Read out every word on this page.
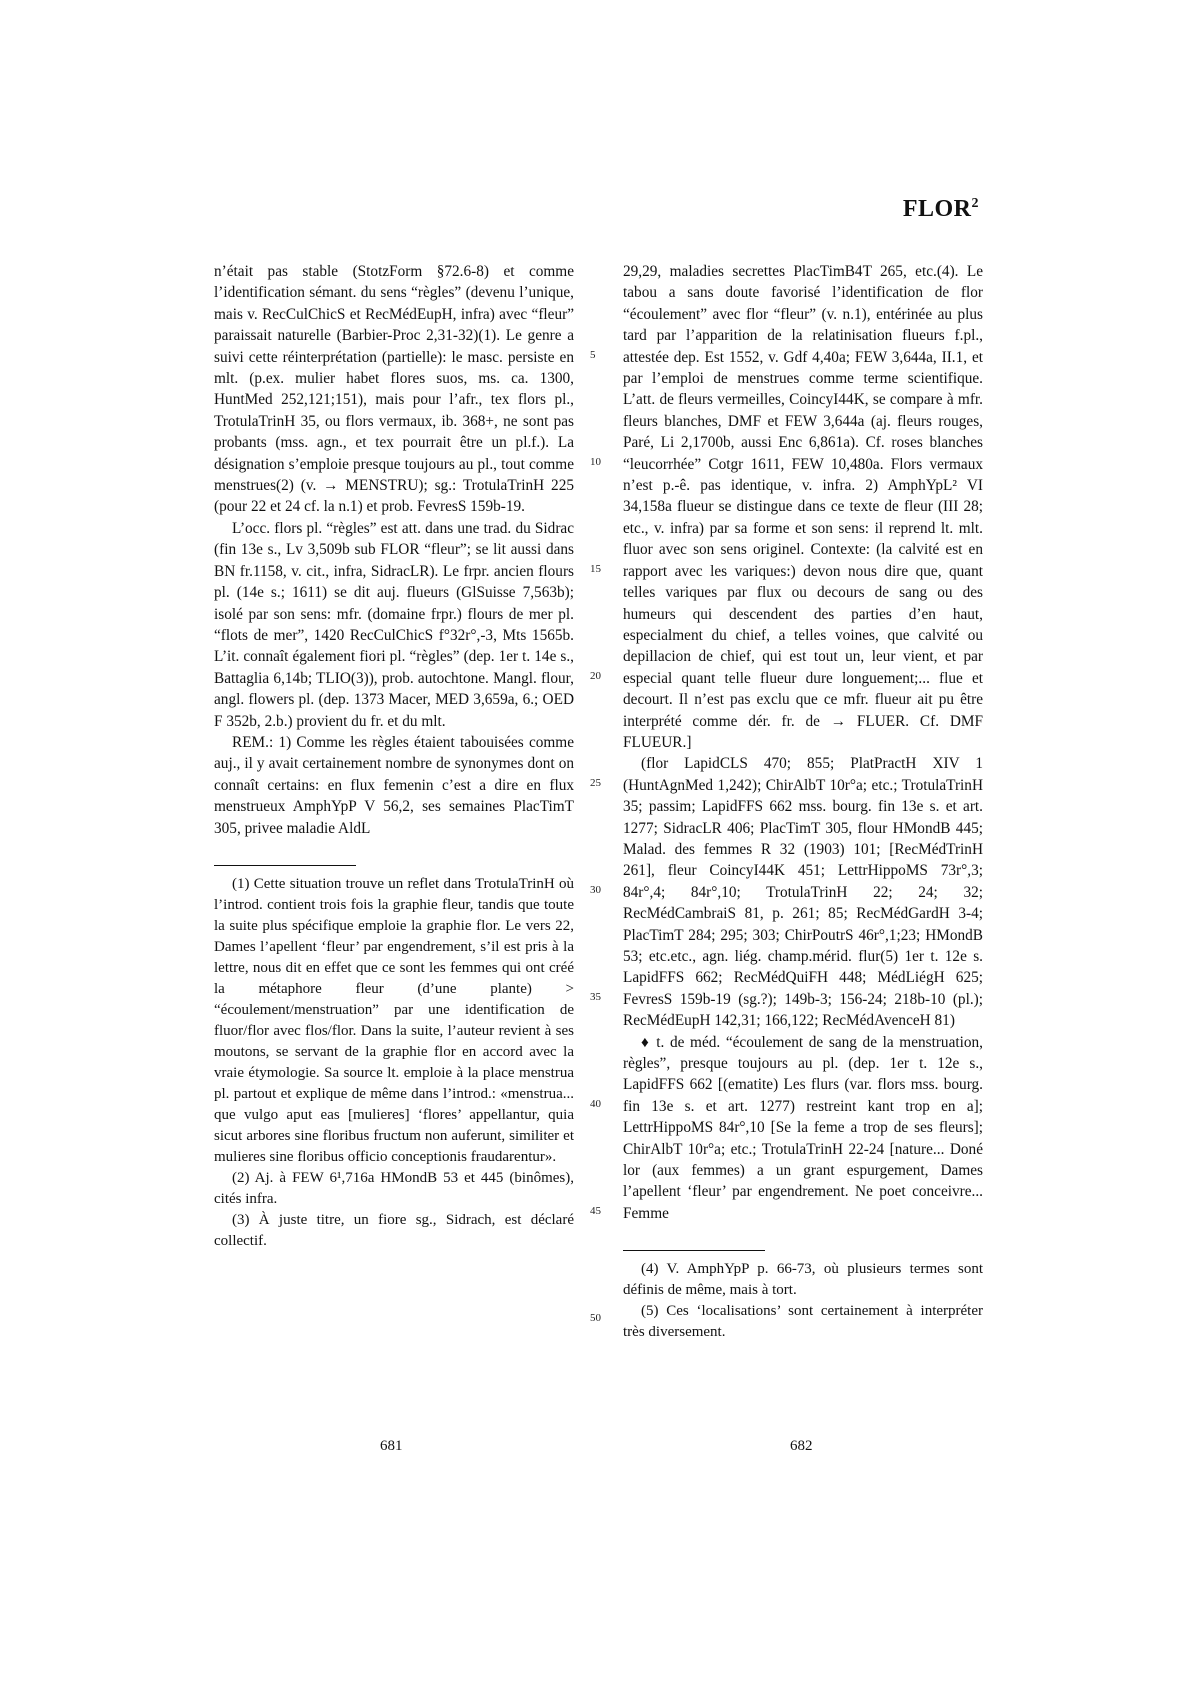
FLOR$^2$

n’était pas stable (StotzForm §72.6-8) et comme l’identification sémant. du sens “règles” (devenu l’unique, mais v. RecCulChicS et RecMédEupH, infra) avec “fleur” paraissait naturelle (Barbier-Proc 2,31-32)(1). Le genre a suivi cette réinterprétation (partielle): le masc. persiste en mlt. (p.ex. mulier habet flores suos, ms. ca. 1300, HuntMed 252,121;151), mais pour l’afr., tex flors pl., TrotulaTrinH 35, ou flors vermaux, ib. 368+, ne sont pas probants (mss. agn., et tex pourrait être un pl.f.). La désignation s’emploie presque toujours au pl., tout comme menstrues(2) (v. → MENSTRU); sg.: TrotulaTrinH 225 (pour 22 et 24 cf. la n.1) et prob. FevresS 159b-19.

L’occ. flors pl. “règles” est att. dans une trad. du Sidrac (fin 13e s., Lv 3,509b sub FLOR “fleur”; se lit aussi dans BN fr.1158, v. cit., infra, SidracLR). Le frpr. ancien flours pl. (14e s.; 1611) se dit auj. flueurs (GlSuisse 7,563b); isolé par son sens: mfr. (domaine frpr.) flours de mer pl. “flots de mer”, 1420 RecCulChicS f°32r°,-3, Mts 1565b. L’it. connaît également fiori pl. “règles” (dep. 1er t. 14e s., Battaglia 6,14b; TLIO(3)), prob. autochtone. Mangl. flour, angl. flowers pl. (dep. 1373 Macer, MED 3,659a, 6.; OED F 352b, 2.b.) provient du fr. et du mlt.

REM.: 1) Comme les règles étaient tabouisées comme auj., il y avait certainement nombre de synonymes dont on connaît certains: en flux femenin c’est a dire en flux menstrueux AmphYpP V 56,2, ses semaines PlacTimT 305, privee maladie AldL

(1) Cette situation trouve un reflet dans TrotulaTrinH où l’introd. contient trois fois la graphie fleur, tandis que toute la suite plus spécifique emploie la graphie flor. Le vers 22, Dames l’apellent ‘fleur’ par engendrement, s’il est pris à la lettre, nous dit en effet que ce sont les femmes qui ont créé la métaphore fleur (d’une plante) > “écoulement/menstruation” par une identification de fluor/flor avec flos/flor. Dans la suite, l’auteur revient à ses moutons, se servant de la graphie flor en accord avec la vraie étymologie. Sa source lt. emploie à la place menstrua pl. partout et explique de même dans l’introd.: «menstrua... que vulgo aput eas [mulieres] ‘flores’ appellantur, quia sicut arbores sine floribus fructum non auferunt, similiter et mulieres sine floribus officio conceptionis fraudarentur».

(2) Aj. à FEW 6¹,716a HMondB 53 et 445 (binômes), cités infra.

(3) À juste titre, un fiore sg., Sidrach, est déclaré collectif.

5
10
15
20
25
30
35
40
45
50

29,29, maladies secrettes PlacTimB4T 265, etc.(4). Le tabou a sans doute favorisé l’identification de flor “écoulement” avec flor “fleur” (v. n.1), entérinée au plus tard par l’apparition de la relatinisation flueurs f.pl., attestée dep. Est 1552, v. Gdf 4,40a; FEW 3,644a, II.1, et par l’emploi de menstrues comme terme scientifique. L’att. de fleurs vermeilles, CoincyI44K, se compare à mfr. fleurs blanches, DMF et FEW 3,644a (aj. fleurs rouges, Paré, Li 2,1700b, aussi Enc 6,861a). Cf. roses blanches “leucorrhée” Cotgr 1611, FEW 10,480a. Flors vermaux n’est p.-ê. pas identique, v. infra. 2) AmphYpL² VI 34,158a flueur se distingue dans ce texte de fleur (III 28; etc., v. infra) par sa forme et son sens: il reprend lt. mlt. fluor avec son sens originel. Contexte: (la calvité est en rapport avec les variques:) devon nous dire que, quant telles variques par flux ou decours de sang ou des humeurs qui descendent des parties d’en haut, especialment du chief, a telles voines, que calvité ou depillacion de chief, qui est tout un, leur vient, et par especial quant telle flueur dure longuement;... flue et decourt. Il n’est pas exclu que ce mfr. flueur ait pu être interprété comme dér. fr. de → FLUER. Cf. DMF FLUEUR.]

(flor LapidCLS 470; 855; PlatPractH XIV 1 (HuntAgnMed 1,242); ChirAlbT 10r°a; etc.; TrotulaTrinH 35; passim; LapidFFS 662 mss. bourg. fin 13e s. et art. 1277; SidracLR 406; PlacTimT 305, flour HMondB 445; Malad. des femmes R 32 (1903) 101; [RecMédTrinH 261], fleur CoincyI44K 451; LettrHippoMS 73r°,3; 84r°,4; 84r°,10; TrotulaTrinH 22; 24; 32; RecMédCambraiS 81, p. 261; 85; RecMédGardH 3-4; PlacTimT 284; 295; 303; ChirPoutrS 46r°,1;23; HMondB 53; etc.etc., agn. liég. champ.mérid. flur(5) 1er t. 12e s. LapidFFS 662; RecMédQuiFH 448; MédLiégH 625; FevresS 159b-19 (sg.?); 149b-3; 156-24; 218b-10 (pl.); RecMédEupH 142,31; 166,122; RecMédAvenceH 81)

♦ t. de méd. “écoulement de sang de la menstruation, règles”, presque toujours au pl. (dep. 1er t. 12e s., LapidFFS 662 [(ematite) Les flurs (var. flors mss. bourg. fin 13e s. et art. 1277) restreint kant trop en a]; LettrHippoMS 84r°,10 [Se la feme a trop de ses fleurs]; ChirAlbT 10r°a; etc.; TrotulaTrinH 22-24 [nature... Doné lor (aux femmes) a un grant espurgement, Dames l’apellent ‘fleur’ par engendrement. Ne poet conceivre... Femme

(4) V. AmphYpP p. 66-73, où plusieurs termes sont définis de même, mais à tort.

(5) Ces ‘localisations’ sont certainement à interpréter très diversement.

681	682
